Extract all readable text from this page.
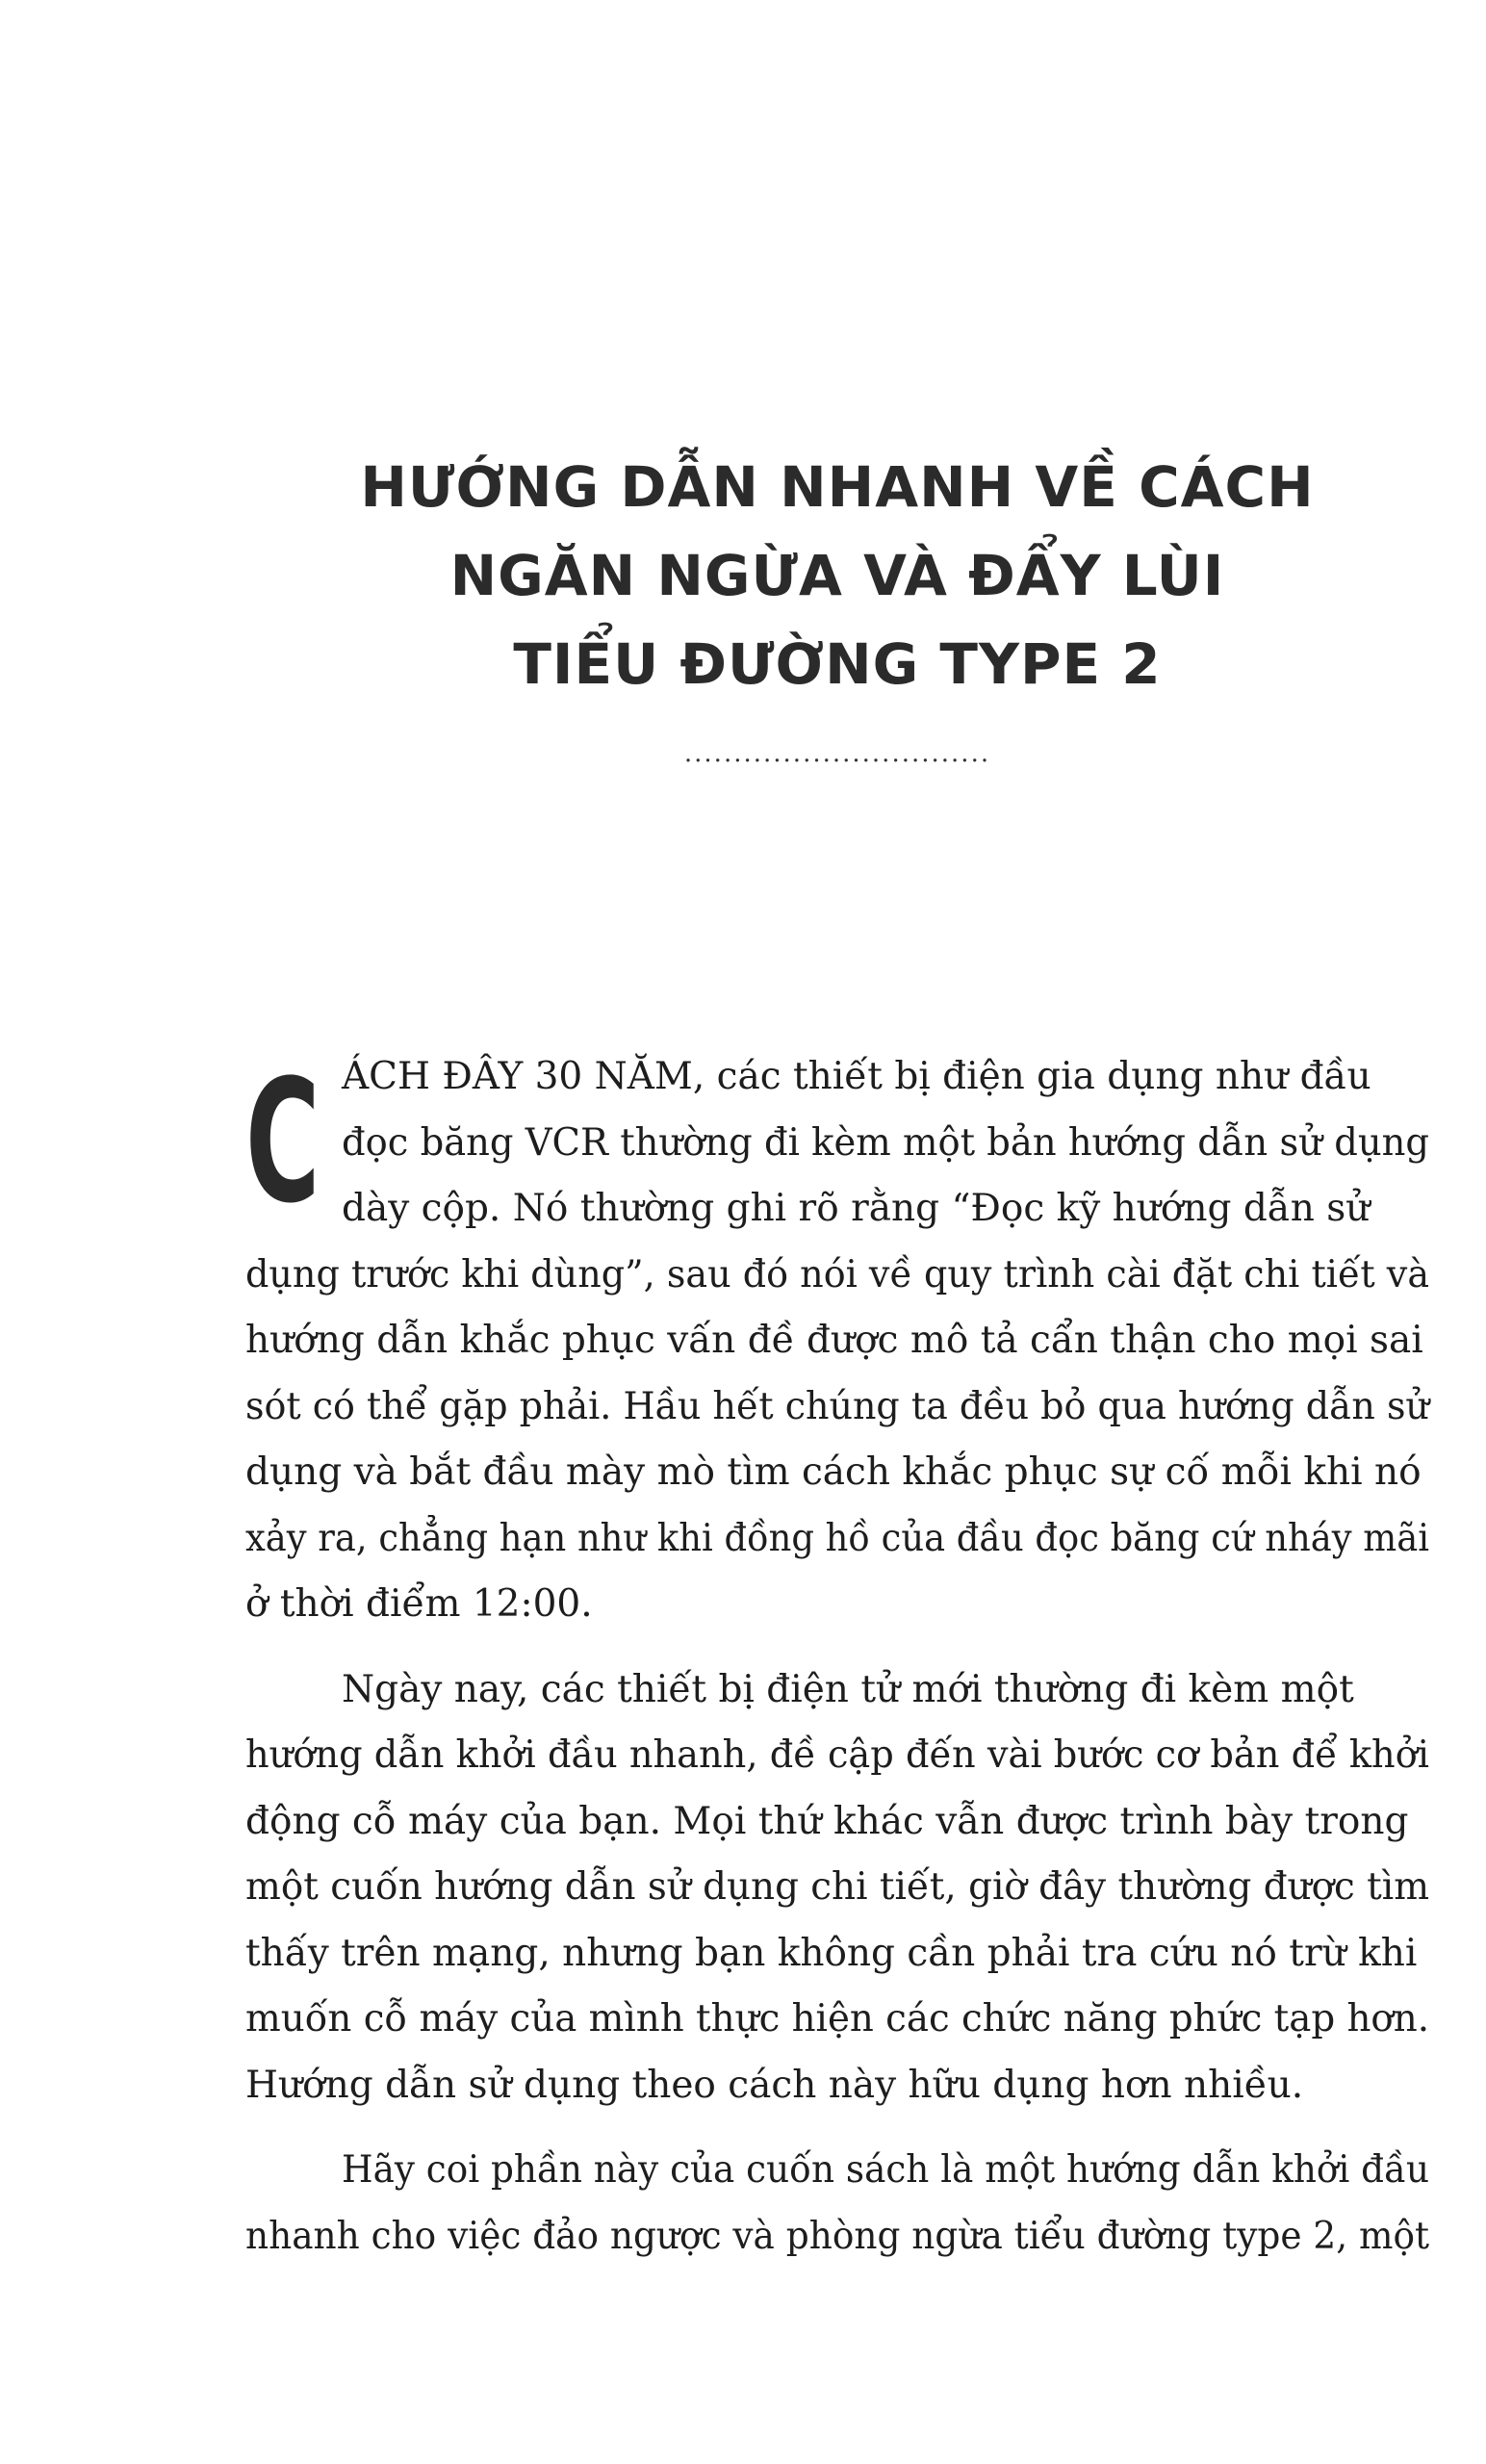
HƯỚNG DẪN NHANH VỀ CÁCH
NGĂN NGỪA VÀ ĐẨY LÙI
TIỂU ĐƯỜNG TYPE 2
...............................
C ÁCH ĐÂY 30 NĂM, các thiết bị điện gia dụng như đầu
đọc băng VCR thường đi kèm một bản hướng dẫn sử dụng
dày cộp. Nó thường ghi rõ rằng “Đọc kỹ hướng dẫn sử
dụng trước khi dùng”, sau đó nói về quy trình cài đặt chi tiết và
hướng dẫn khắc phục vấn đề được mô tả cẩn thận cho mọi sai
sót có thể gặp phải. Hầu hết chúng ta đều bỏ qua hướng dẫn sử
dụng và bắt đầu mày mò tìm cách khắc phục sự cố mỗi khi nó
xảy ra, chẳng hạn như khi đồng hồ của đầu đọc băng cứ nháy mãi
ở thời điểm 12:00.
Ngày nay, các thiết bị điện tử mới thường đi kèm một
hướng dẫn khởi đầu nhanh, đề cập đến vài bước cơ bản để khởi
động cỗ máy của bạn. Mọi thứ khác vẫn được trình bày trong
một cuốn hướng dẫn sử dụng chi tiết, giờ đây thường được tìm
thấy trên mạng, nhưng bạn không cần phải tra cứu nó trừ khi
muốn cỗ máy của mình thực hiện các chức năng phức tạp hơn.
Hướng dẫn sử dụng theo cách này hữu dụng hơn nhiều.
Hãy coi phần này của cuốn sách là một hướng dẫn khởi đầu
nhanh cho việc đảo ngược và phòng ngừa tiểu đường type 2, một
